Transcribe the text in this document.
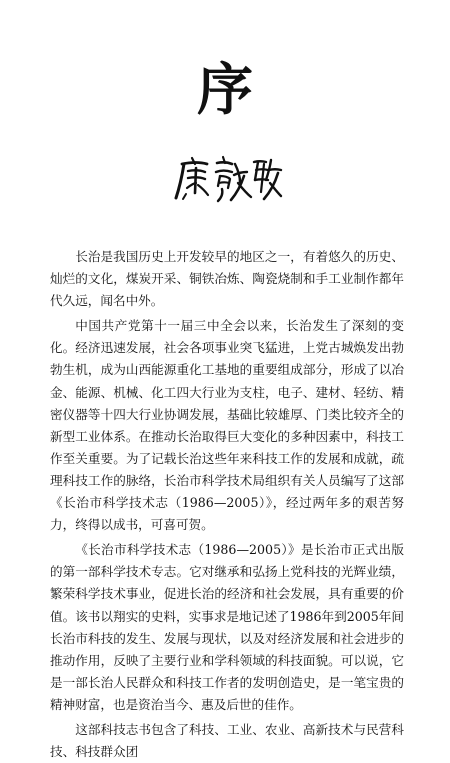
序

长治是我国历史上开发较早的地区之一，有着悠久的历史、灿烂的文化，煤炭开采、铜铁冶炼、陶瓷烧制和手工业制作都年代久远，闻名中外。

中国共产党第十一届三中全会以来，长治发生了深刻的变化。经济迅速发展，社会各项事业突飞猛进，上党古城焕发出勃勃生机，成为山西能源重化工基地的重要组成部分，形成了以冶金、能源、机械、化工四大行业为支柱，电子、建材、轻纺、精密仪器等十四大行业协调发展，基础比较雄厚、门类比较齐全的新型工业体系。在推动长治取得巨大变化的多种因素中，科技工作至关重要。为了记载长治这些年来科技工作的发展和成就，疏理科技工作的脉络，长治市科学技术局组织有关人员编写了这部《长治市科学技术志（1986—2005）》，经过两年多的艰苦努力，终得以成书，可喜可贺。

《长治市科学技术志（1986—2005）》是长治市正式出版的第一部科学技术专志。它对继承和弘扬上党科技的光辉业绩，繁荣科学技术事业，促进长治的经济和社会发展，具有重要的价值。该书以翔实的史料，实事求是地记述了1986年到2005年间长治市科技的发生、发展与现状，以及对经济发展和社会进步的推动作用，反映了主要行业和学科领域的科技面貌。可以说，它是一部长治人民群众和科技工作者的发明创造史，是一笔宝贵的精神财富，也是资治当今、惠及后世的佳作。

这部科技志书包含了科技、工业、农业、高新技术与民营科技、科技群众团
